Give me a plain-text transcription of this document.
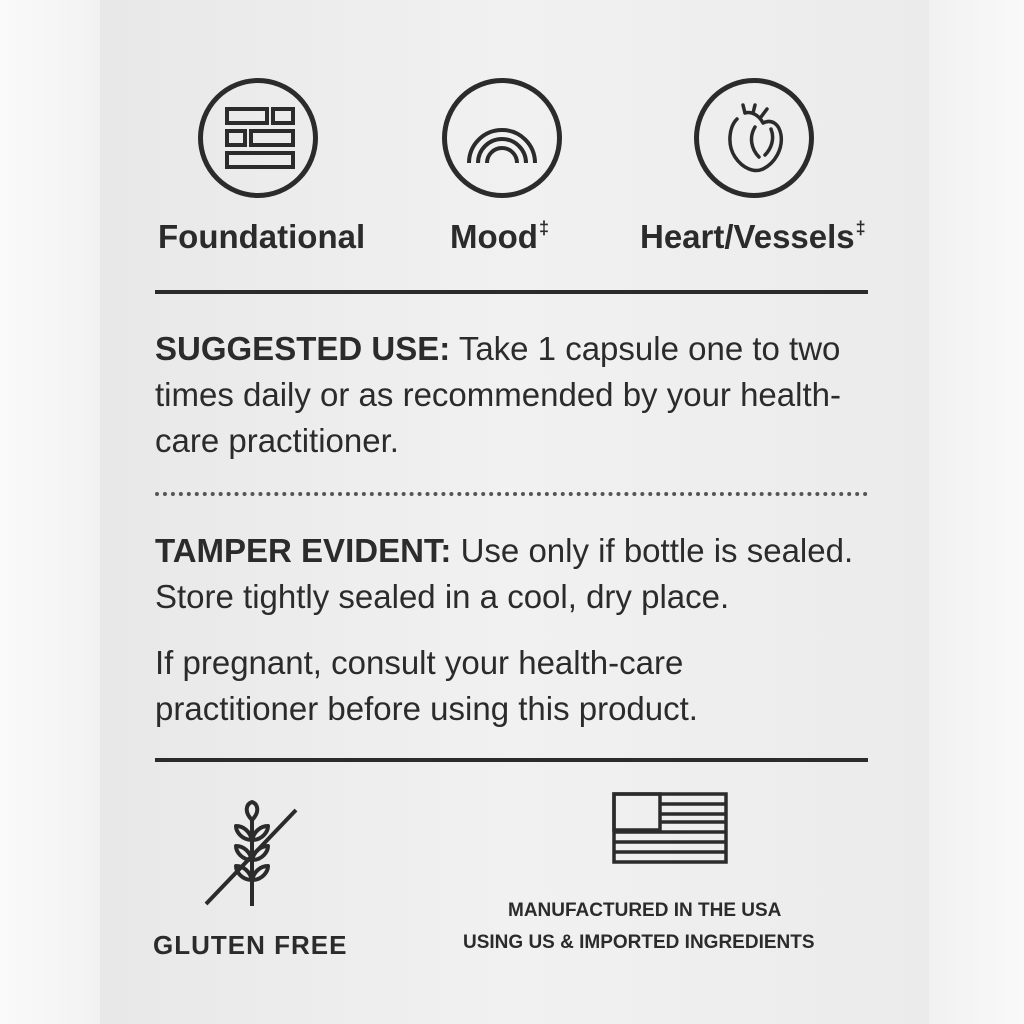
Foundational	Mood‡	Heart/Vessels‡
SUGGESTED USE: Take 1 capsule one to two times daily or as recommended by your health-care practitioner.
TAMPER EVIDENT: Use only if bottle is sealed. Store tightly sealed in a cool, dry place.
If pregnant, consult your health-care practitioner before using this product.
GLUTEN FREE
MANUFACTURED IN THE USA
USING US & IMPORTED INGREDIENTS
